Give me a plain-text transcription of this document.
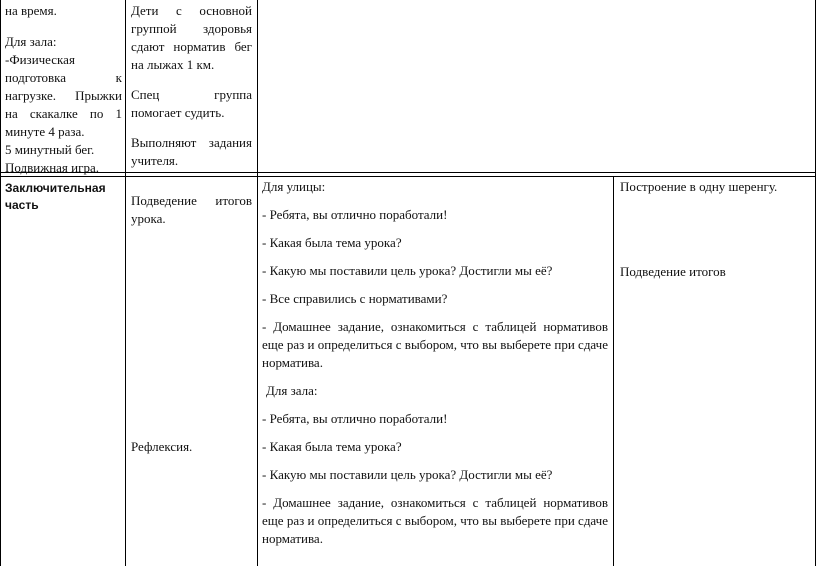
на время.

Для зала:

-Физическая подготовка к нагрузке. Прыжки на скакалке по 1 минуте 4 раза.

5 минутный бег.

Подвижная игра.

Дети с основной группой здоровья сдают норматив бег на лыжах 1 км.

Спец группа помогает судить.

Выполняют задания учителя.

Заключительная часть	Подведение итогов урока.

Рефлексия.

Для улицы:

- Ребята, вы отлично поработали!

- Какая была тема урока?

- Какую мы поставили цель урока? Достигли мы её?

- Все справились с нормативами?

- Домашнее задание, ознакомиться с таблицей нормативов еще раз и определиться с выбором, что вы выберете при сдаче норматива.

Для зала:

- Ребята, вы отлично поработали!

- Какая была тема урока?

- Какую мы поставили цель урока? Достигли мы её?

- Домашнее задание, ознакомиться с таблицей нормативов еще раз и определиться с выбором, что вы выберете при сдаче норматива.

Построение в одну шеренгу.

Подведение итогов
